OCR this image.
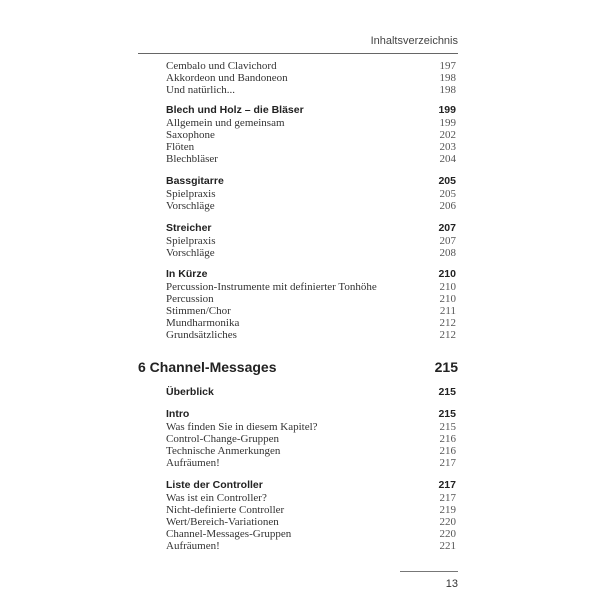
Inhaltsverzeichnis
Cembalo und Clavichord	197
Akkordeon und Bandoneon	198
Und natürlich...	198
Blech und Holz – die Bläser	199
Allgemein und gemeinsam	199
Saxophone	202
Flöten	203
Blechbläser	204
Bassgitarre	205
Spielpraxis	205
Vorschläge	206
Streicher	207
Spielpraxis	207
Vorschläge	208
In Kürze	210
Percussion-Instrumente mit definierter Tonhöhe	210
Percussion	210
Stimmen/Chor	211
Mundharmonika	212
Grundsätzliches	212
6 Channel-Messages	215
Überblick	215
Intro	215
Was finden Sie in diesem Kapitel?	215
Control-Change-Gruppen	216
Technische Anmerkungen	216
Aufräumen!	217
Liste der Controller	217
Was ist ein Controller?	217
Nicht-definierte Controller	219
Wert/Bereich-Variationen	220
Channel-Messages-Gruppen	220
Aufräumen!	221
13
